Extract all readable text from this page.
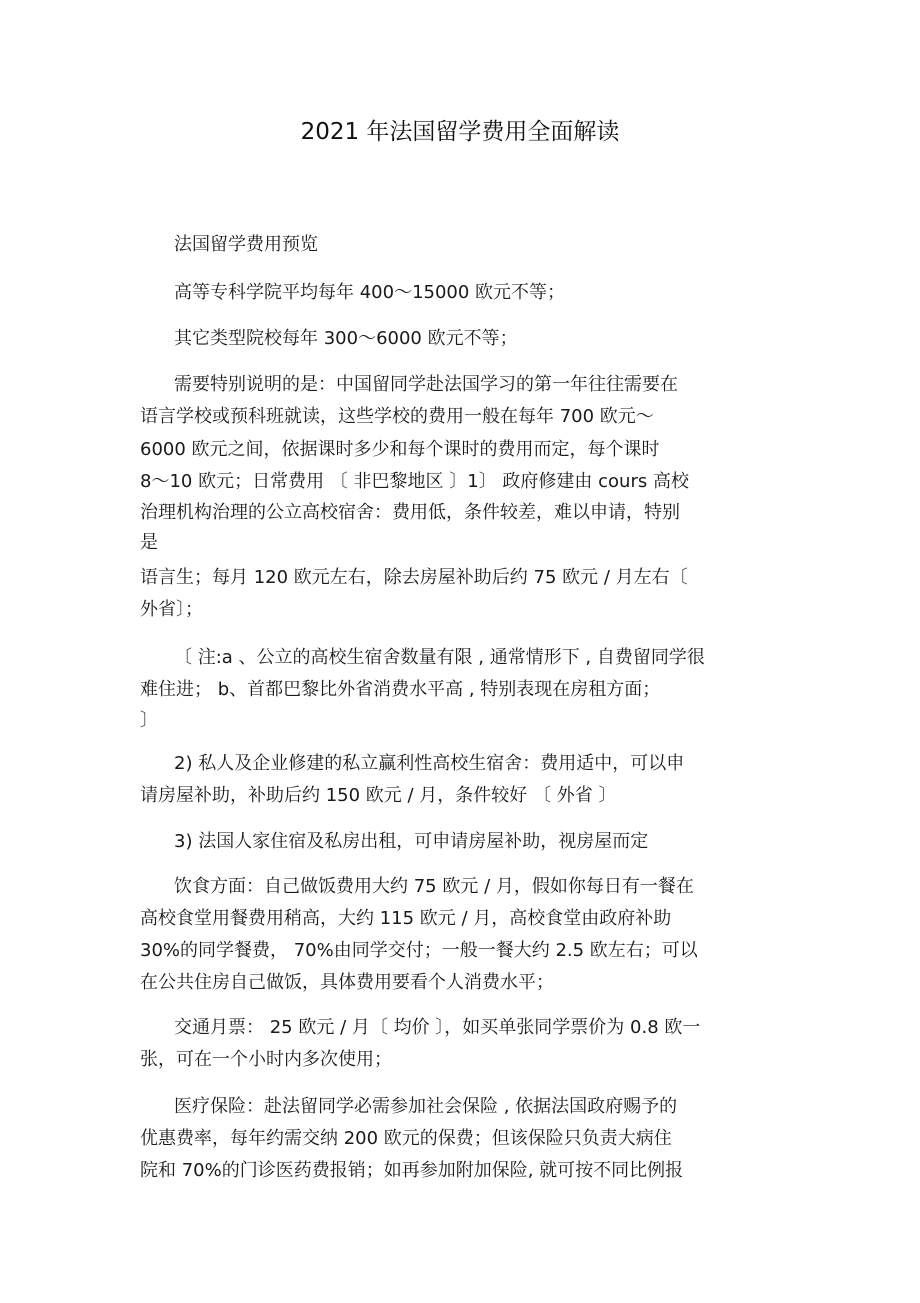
2021 年法国留学费用全面解读
法国留学费用预览
高等专科学院平均每年 400～15000 欧元不等；
其它类型院校每年 300～6000 欧元不等；
需要特别说明的是：中国留同学赴法国学习的第一年往往需要在
语言学校或预科班就读，这些学校的费用一般在每年 700 欧元～
6000 欧元之间，依据课时多少和每个课时的费用而定，每个课时
8～10 欧元；日常费用 〔 非巴黎地区 〕1〕 政府修建由 cours 高校
治理机构治理的公立高校宿舍：费用低，条件较差，难以申请，特别
是
语言生；每月 120 欧元左右，除去房屋补助后约 75 欧元 / 月左右〔
外省〕；
〔 注:a 、公立的高校生宿舍数量有限 , 通常情形下 , 自费留同学很
难住进； b、首都巴黎比外省消费水平高 , 特别表现在房租方面；
〕
2) 私人及企业修建的私立赢利性高校生宿舍：费用适中，可以申
请房屋补助，补助后约 150 欧元 / 月，条件较好 〔 外省 〕
3) 法国人家住宿及私房出租，可申请房屋补助，视房屋而定
饮食方面：自己做饭费用大约 75 欧元 / 月，假如你每日有一餐在
高校食堂用餐费用稍高，大约 115 欧元 / 月，高校食堂由政府补助
30%的同学餐费， 70%由同学交付；一般一餐大约 2.5 欧左右；可以
在公共住房自己做饭，具体费用要看个人消费水平；
交通月票： 25 欧元 / 月〔 均价 〕，如买单张同学票价为 0.8 欧一
张，可在一个小时内多次使用；
医疗保险：赴法留同学必需参加社会保险 , 依据法国政府赐予的
优惠费率，每年约需交纳 200 欧元的保费；但该保险只负责大病住
院和 70%的门诊医药费报销；如再参加附加保险, 就可按不同比例报
